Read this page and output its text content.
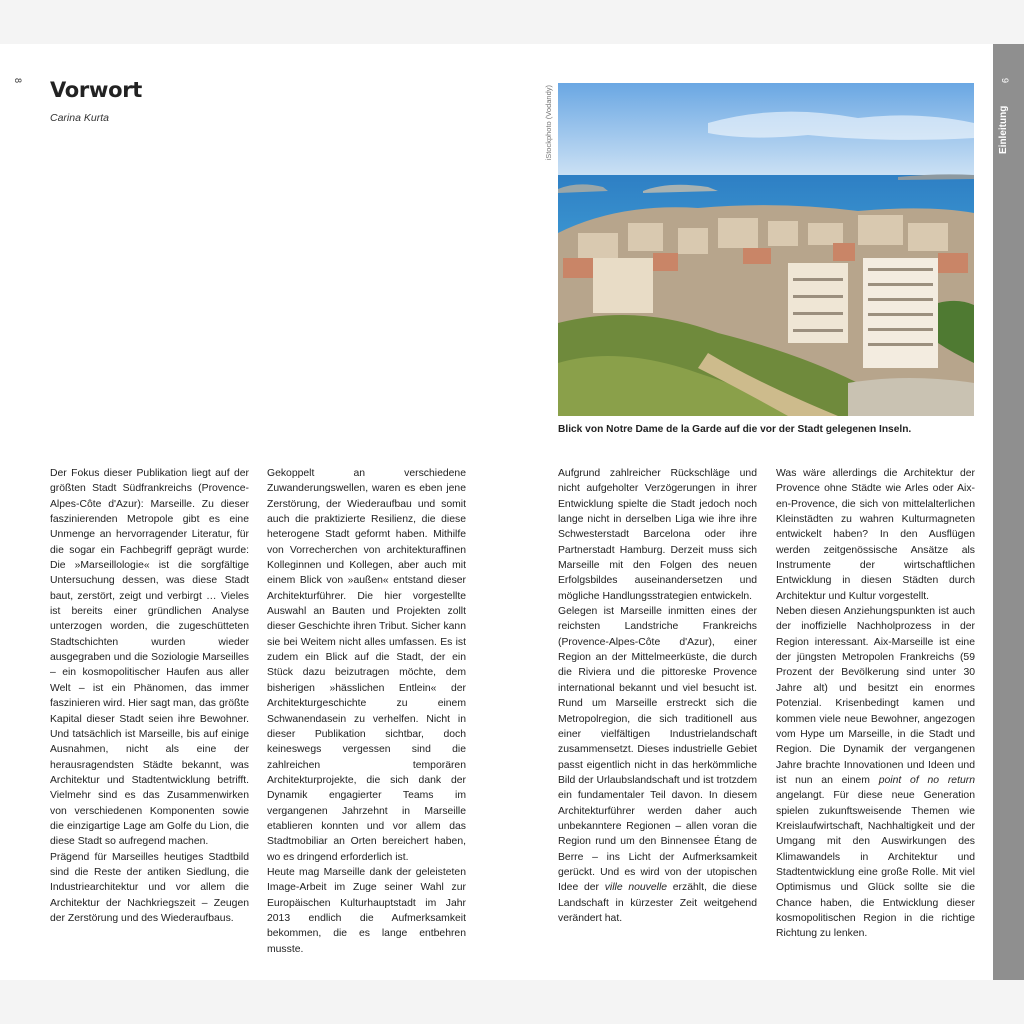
8 Vorwort
Carina Kurta

Der Fokus dieser Publikation liegt auf der größten Stadt Südfrankreichs (Provence-Alpes-Côte d'Azur): Marseille. Zu dieser faszinierenden Metropole gibt es eine Unmenge an hervorragender Literatur, für die sogar ein Fachbegriff geprägt wurde: Die »Marseillologie« ist die sorgfältige Untersuchung dessen, was diese Stadt baut, zerstört, zeigt und verbirgt … Vieles ist bereits einer gründlichen Analyse unterzogen worden, die zugeschütteten Stadtschichten wurden wieder ausgegraben und die Soziologie Marseilles – ein kosmopolitischer Haufen aus aller Welt – ist ein Phänomen, das immer faszinieren wird. Hier sagt man, das größte Kapital dieser Stadt seien ihre Bewohner. Und tatsächlich ist Marseille, bis auf einige Ausnahmen, nicht als eine der herausragendsten Städte bekannt, was Architektur und Stadtentwicklung betrifft. Vielmehr sind es das Zusammenwirken von verschiedenen Komponenten sowie die einzigartige Lage am Golfe du Lion, die diese Stadt so aufregend machen.

Prägend für Marseilles heutiges Stadtbild sind die Reste der antiken Siedlung, die Industriearchitektur und vor allem die Architektur der Nachkriegszeit – Zeugen der Zerstörung und des Wiederaufbaus.

Gekoppelt an verschiedene Zuwanderungswellen, waren es eben jene Zerstörung, der Wiederaufbau und somit auch die praktizierte Resilienz, die diese heterogene Stadt geformt haben. Mithilfe von Vorrecherchen von architekturaffinen Kolleginnen und Kollegen, aber auch mit einem Blick von »außen« entstand dieser Architekturführer. Die hier vorgestellte Auswahl an Bauten und Projekten zollt dieser Geschichte ihren Tribut. Sicher kann sie bei Weitem nicht alles umfassen. Es ist zudem ein Blick auf die Stadt, der ein Stück dazu beizutragen möchte, dem bisherigen »hässlichen Entlein« der Architekturgeschichte zu einem Schwanendasein zu verhelfen. Nicht in dieser Publikation sichtbar, doch keineswegs vergessen sind die zahlreichen temporären Architekturprojekte, die sich dank der Dynamik engagierter Teams im vergangenen Jahrzehnt in Marseille etablieren konnten und vor allem das Stadtmobiliar an Orten bereichert haben, wo es dringend erforderlich ist.

Heute mag Marseille dank der geleisteten Image-Arbeit im Zuge seiner Wahl zur Europäischen Kulturhauptstadt im Jahr 2013 endlich die Aufmerksamkeit bekommen, die es lange entbehren musste.

Aufgrund zahlreicher Rückschläge und nicht aufgeholter Verzögerungen in ihrer Entwicklung spielte die Stadt jedoch noch lange nicht in derselben Liga wie ihre ihre Schwesterstadt Barcelona oder ihre Partnerstadt Hamburg. Derzeit muss sich Marseille mit den Folgen des neuen Erfolgsbildes auseinandersetzen und mögliche Handlungsstrategien entwickeln.

Gelegen ist Marseille inmitten eines der reichsten Landstriche Frankreichs (Provence-Alpes-Côte d'Azur), einer Region an der Mittelmeerküste, die durch die Riviera und die pittoreske Provence international bekannt und viel besucht ist. Rund um Marseille erstreckt sich die Metropolregion, die sich traditionell aus einer vielfältigen Industrielandschaft zusammensetzt. Dieses industrielle Gebiet passt eigentlich nicht in das herkömmliche Bild der Urlaubslandschaft und ist trotzdem ein fundamentaler Teil davon. In diesem Architekturführer werden daher auch unbekanntere Regionen – allen voran die Region rund um den Binnensee Étang de Berre – ins Licht der Aufmerksamkeit gerückt. Und es wird von der utopischen Idee der ville nouvelle erzählt, die diese Landschaft in kürzester Zeit weitgehend verändert hat.

Was wäre allerdings die Architektur der Provence ohne Städte wie Arles oder Aix-en-Provence, die sich von mittelalterlichen Kleinstädten zu wahren Kulturmagneten entwickelt haben? In den Ausflügen werden zeitgenössische Ansätze als Instrumente der wirtschaftlichen Entwicklung in diesen Städten durch Architektur und Kultur vorgestellt.

Neben diesen Anziehungspunkten ist auch der inoffizielle Nachholprozess in der Region interessant. Aix-Marseille ist eine der jüngsten Metropolen Frankreichs (59 Prozent der Bevölkerung sind unter 30 Jahre alt) und besitzt ein enormes Potenzial. Krisenbedingt kamen und kommen viele neue Bewohner, angezogen vom Hype um Marseille, in die Stadt und Region. Die Dynamik der vergangenen Jahre brachte Innovationen und Ideen und ist nun an einem point of no return angelangt. Für diese neue Generation spielen zukunftsweisende Themen wie Kreislaufwirtschaft, Nachhaltigkeit und der Umgang mit den Auswirkungen des Klimawandels in Architektur und Stadtentwicklung eine große Rolle. Mit viel Optimismus und Glück sollte sie die Chance haben, die Entwicklung dieser kosmopolitischen Region in die richtige Richtung zu lenken.

iStockphoto (Vodandy)
Blick von Notre Dame de la Garde auf die vor der Stadt gelegenen Inseln.
9
Einleitung
